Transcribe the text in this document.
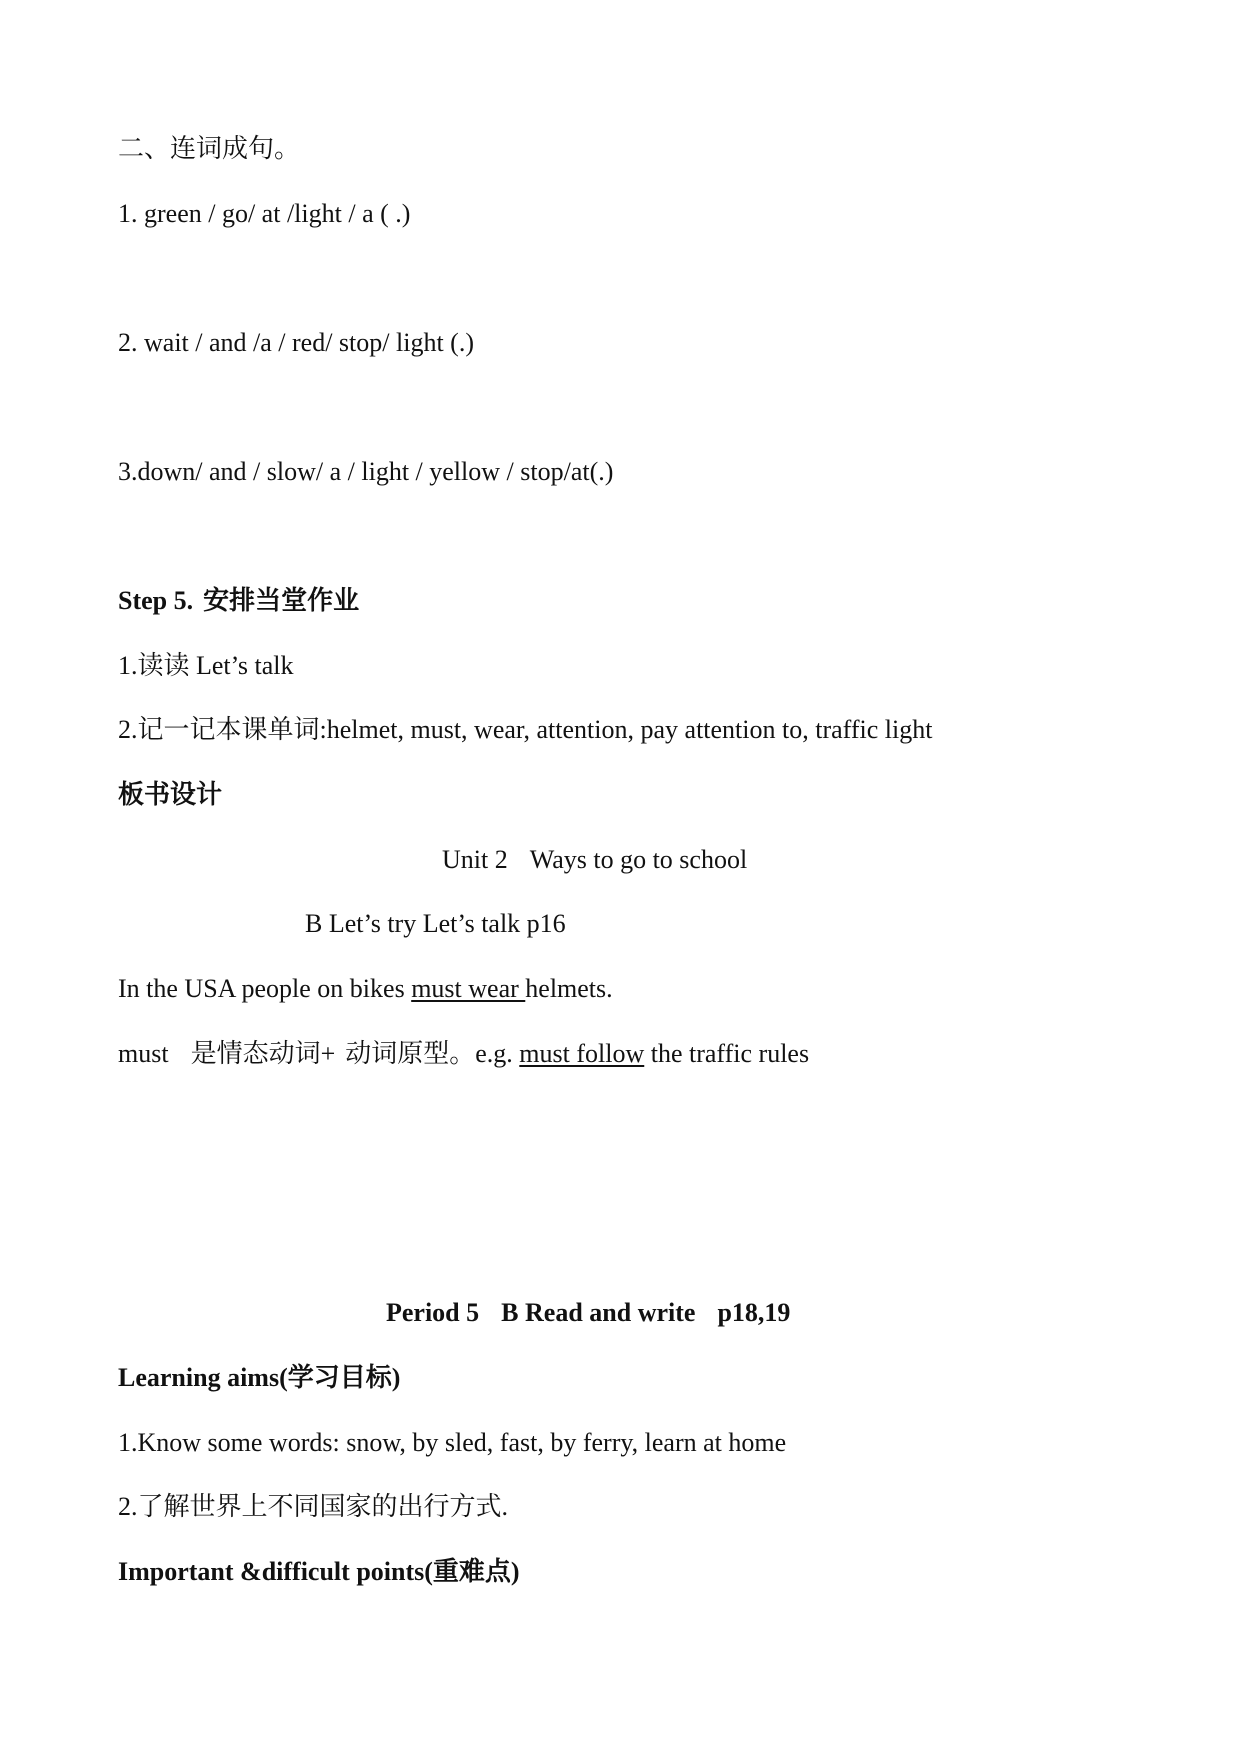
二、连词成句。
1. green / go/ at /light / a ( .)
2. wait / and /a / red/ stop/ light (.)
3.down/ and / slow/ a / light / yellow / stop/at(.)
Step 5. 安排当堂作业
1.读读 Let’s talk
2.记一记本课单词:helmet, must, wear, attention, pay attention to, traffic light
板书设计
Unit 2 Ways to go to school
B Let’s try Let’s talk p16
In the USA people on bikes must wear helmets.
must 是情态动词+ 动词原型。e.g. must follow the traffic rules
Period 5 B Read and write p18,19
Learning aims(学习目标)
1.Know some words: snow, by sled, fast, by ferry, learn at home
2.了解世界上不同国家的出行方式.
Important &difficult points(重难点)
